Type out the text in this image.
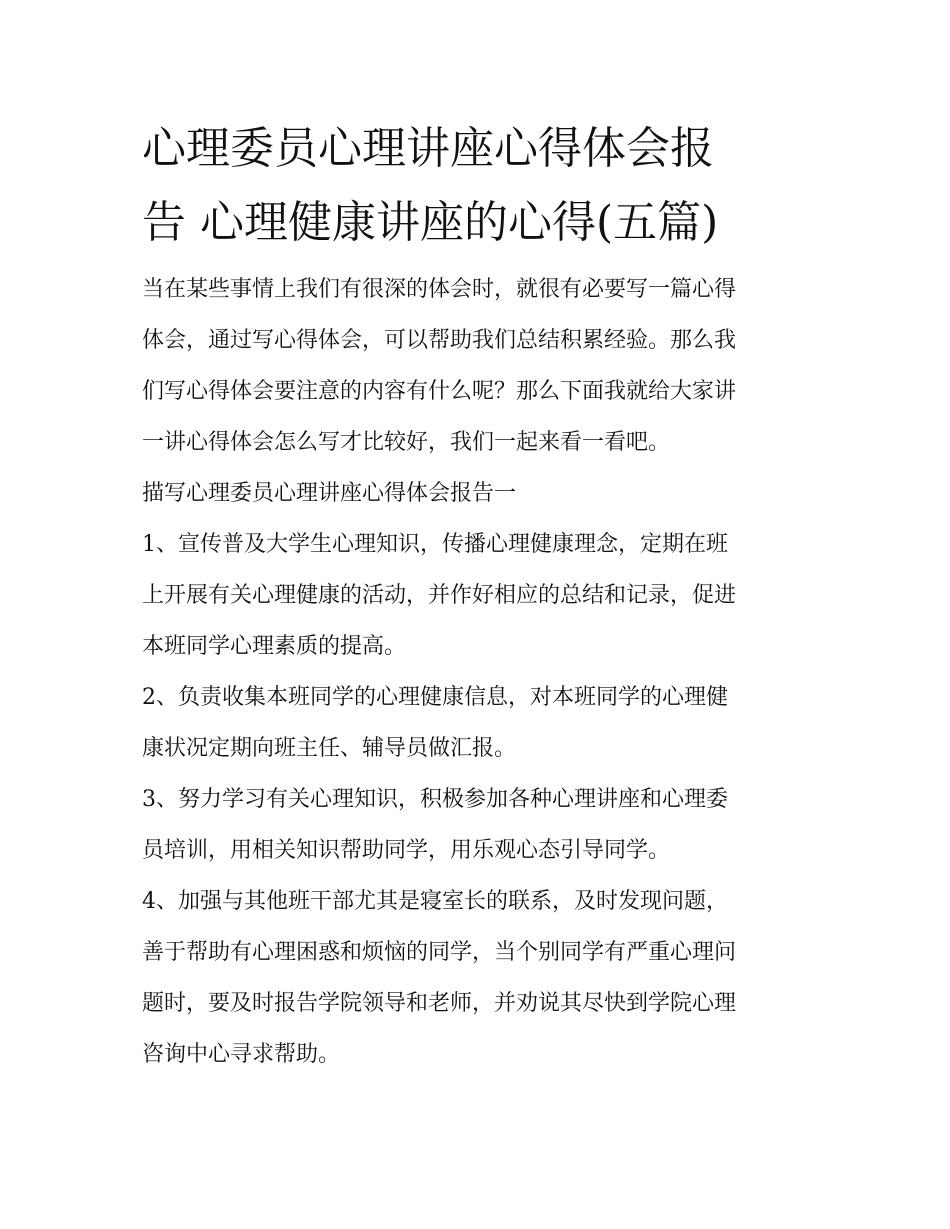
心理委员心理讲座心得体会报
告 心理健康讲座的心得(五篇)

当在某些事情上我们有很深的体会时，就很有必要写一篇心得
体会，通过写心得体会，可以帮助我们总结积累经验。那么我
们写心得体会要注意的内容有什么呢？那么下面我就给大家讲
一讲心得体会怎么写才比较好，我们一起来看一看吧。

描写心理委员心理讲座心得体会报告一

1、宣传普及大学生心理知识，传播心理健康理念，定期在班
上开展有关心理健康的活动，并作好相应的总结和记录，促进
本班同学心理素质的提高。

2、负责收集本班同学的心理健康信息，对本班同学的心理健
康状况定期向班主任、辅导员做汇报。

3、努力学习有关心理知识，积极参加各种心理讲座和心理委
员培训，用相关知识帮助同学，用乐观心态引导同学。

4、加强与其他班干部尤其是寝室长的联系，及时发现问题，
善于帮助有心理困惑和烦恼的同学，当个别同学有严重心理问
题时，要及时报告学院领导和老师，并劝说其尽快到学院心理
咨询中心寻求帮助。
